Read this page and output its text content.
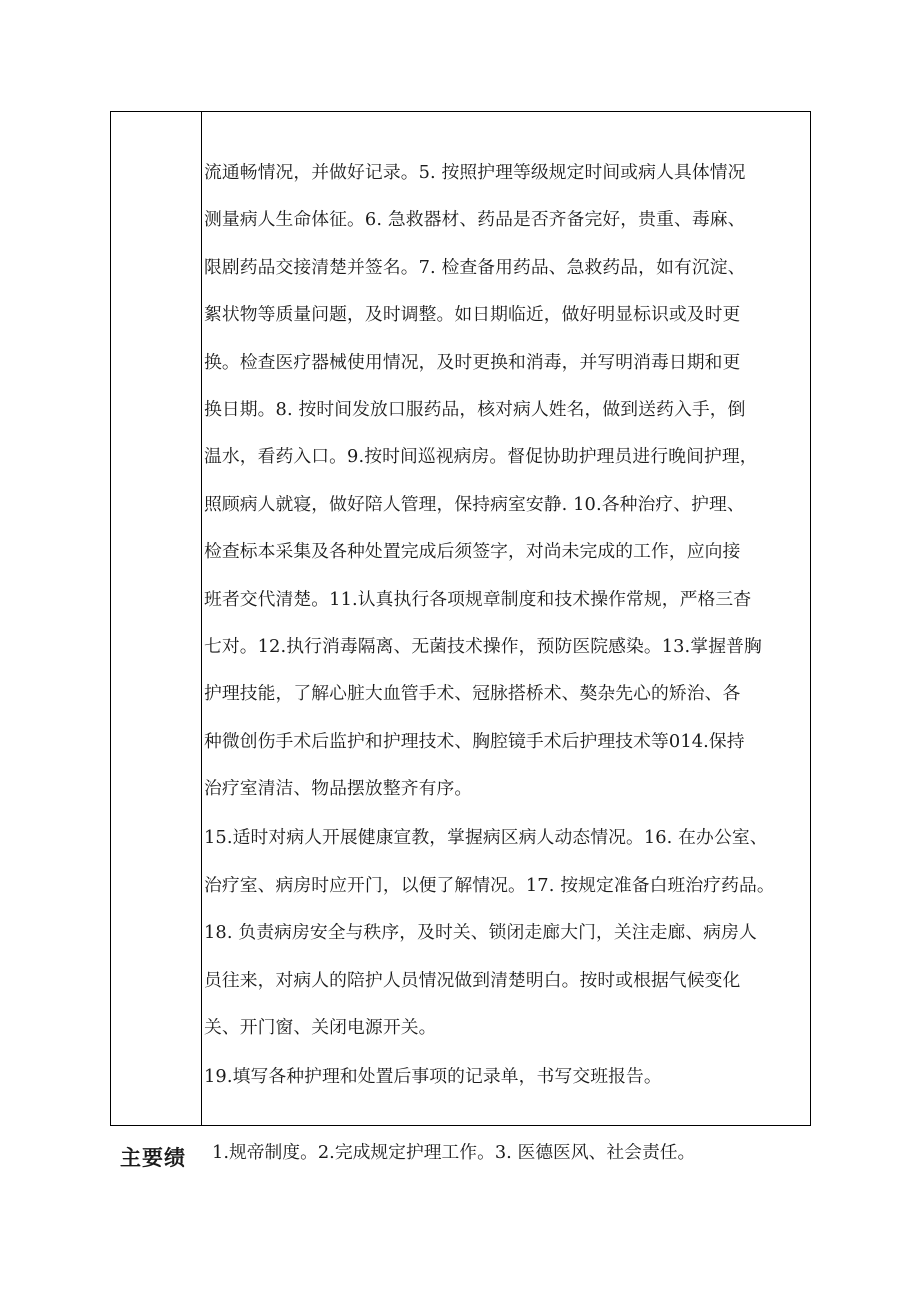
流通畅情况，并做好记录。5. 按照护理等级规定时间或病人具体情况
测量病人生命体征。6. 急救器材、药品是否齐备完好，贵重、毒麻、
限剧药品交接清楚并签名。7. 检查备用药品、急救药品，如有沉淀、
絮状物等质量问题，及时调整。如日期临近，做好明显标识或及时更
换。检查医疗器械使用情况，及时更换和消毒，并写明消毒日期和更
换日期。8. 按时间发放口服药品，核对病人姓名，做到送药入手，倒
温水，看药入口。9.按时间巡视病房。督促协助护理员进行晚间护理，
照顾病人就寝，做好陪人管理，保持病室安静. 10.各种治疗、护理、
检查标本采集及各种处置完成后须签字，对尚未完成的工作，应向接
班者交代清楚。11.认真执行各项规章制度和技术操作常规，严格三杳
七对。12.执行消毒隔离、无菌技术操作，预防医院感染。13.掌握普胸
护理技能，了解心脏大血管手术、冠脉搭桥术、獒杂先心的矫治、各
种微创伤手术后监护和护理技术、胸腔镜手术后护理技术等014.保持
治疗室清洁、物品摆放整齐有序。
15.适时对病人开展健康宣教，掌握病区病人动态情况。16. 在办公室、
治疗室、病房时应开门，以便了解情况。17. 按规定准备白班治疗药品。
18. 负责病房安全与秩序，及时关、锁闭走廊大门，关注走廊、病房人
员往来，对病人的陪护人员情况做到清楚明白。按时或根据气候变化
关、开门窗、关闭电源开关。
19.填写各种护理和处置后事项的记录单，书写交班报告。
主要绩 1.规帝制度。2.完成规定护理工作。3. 医德医风、社会责任。
